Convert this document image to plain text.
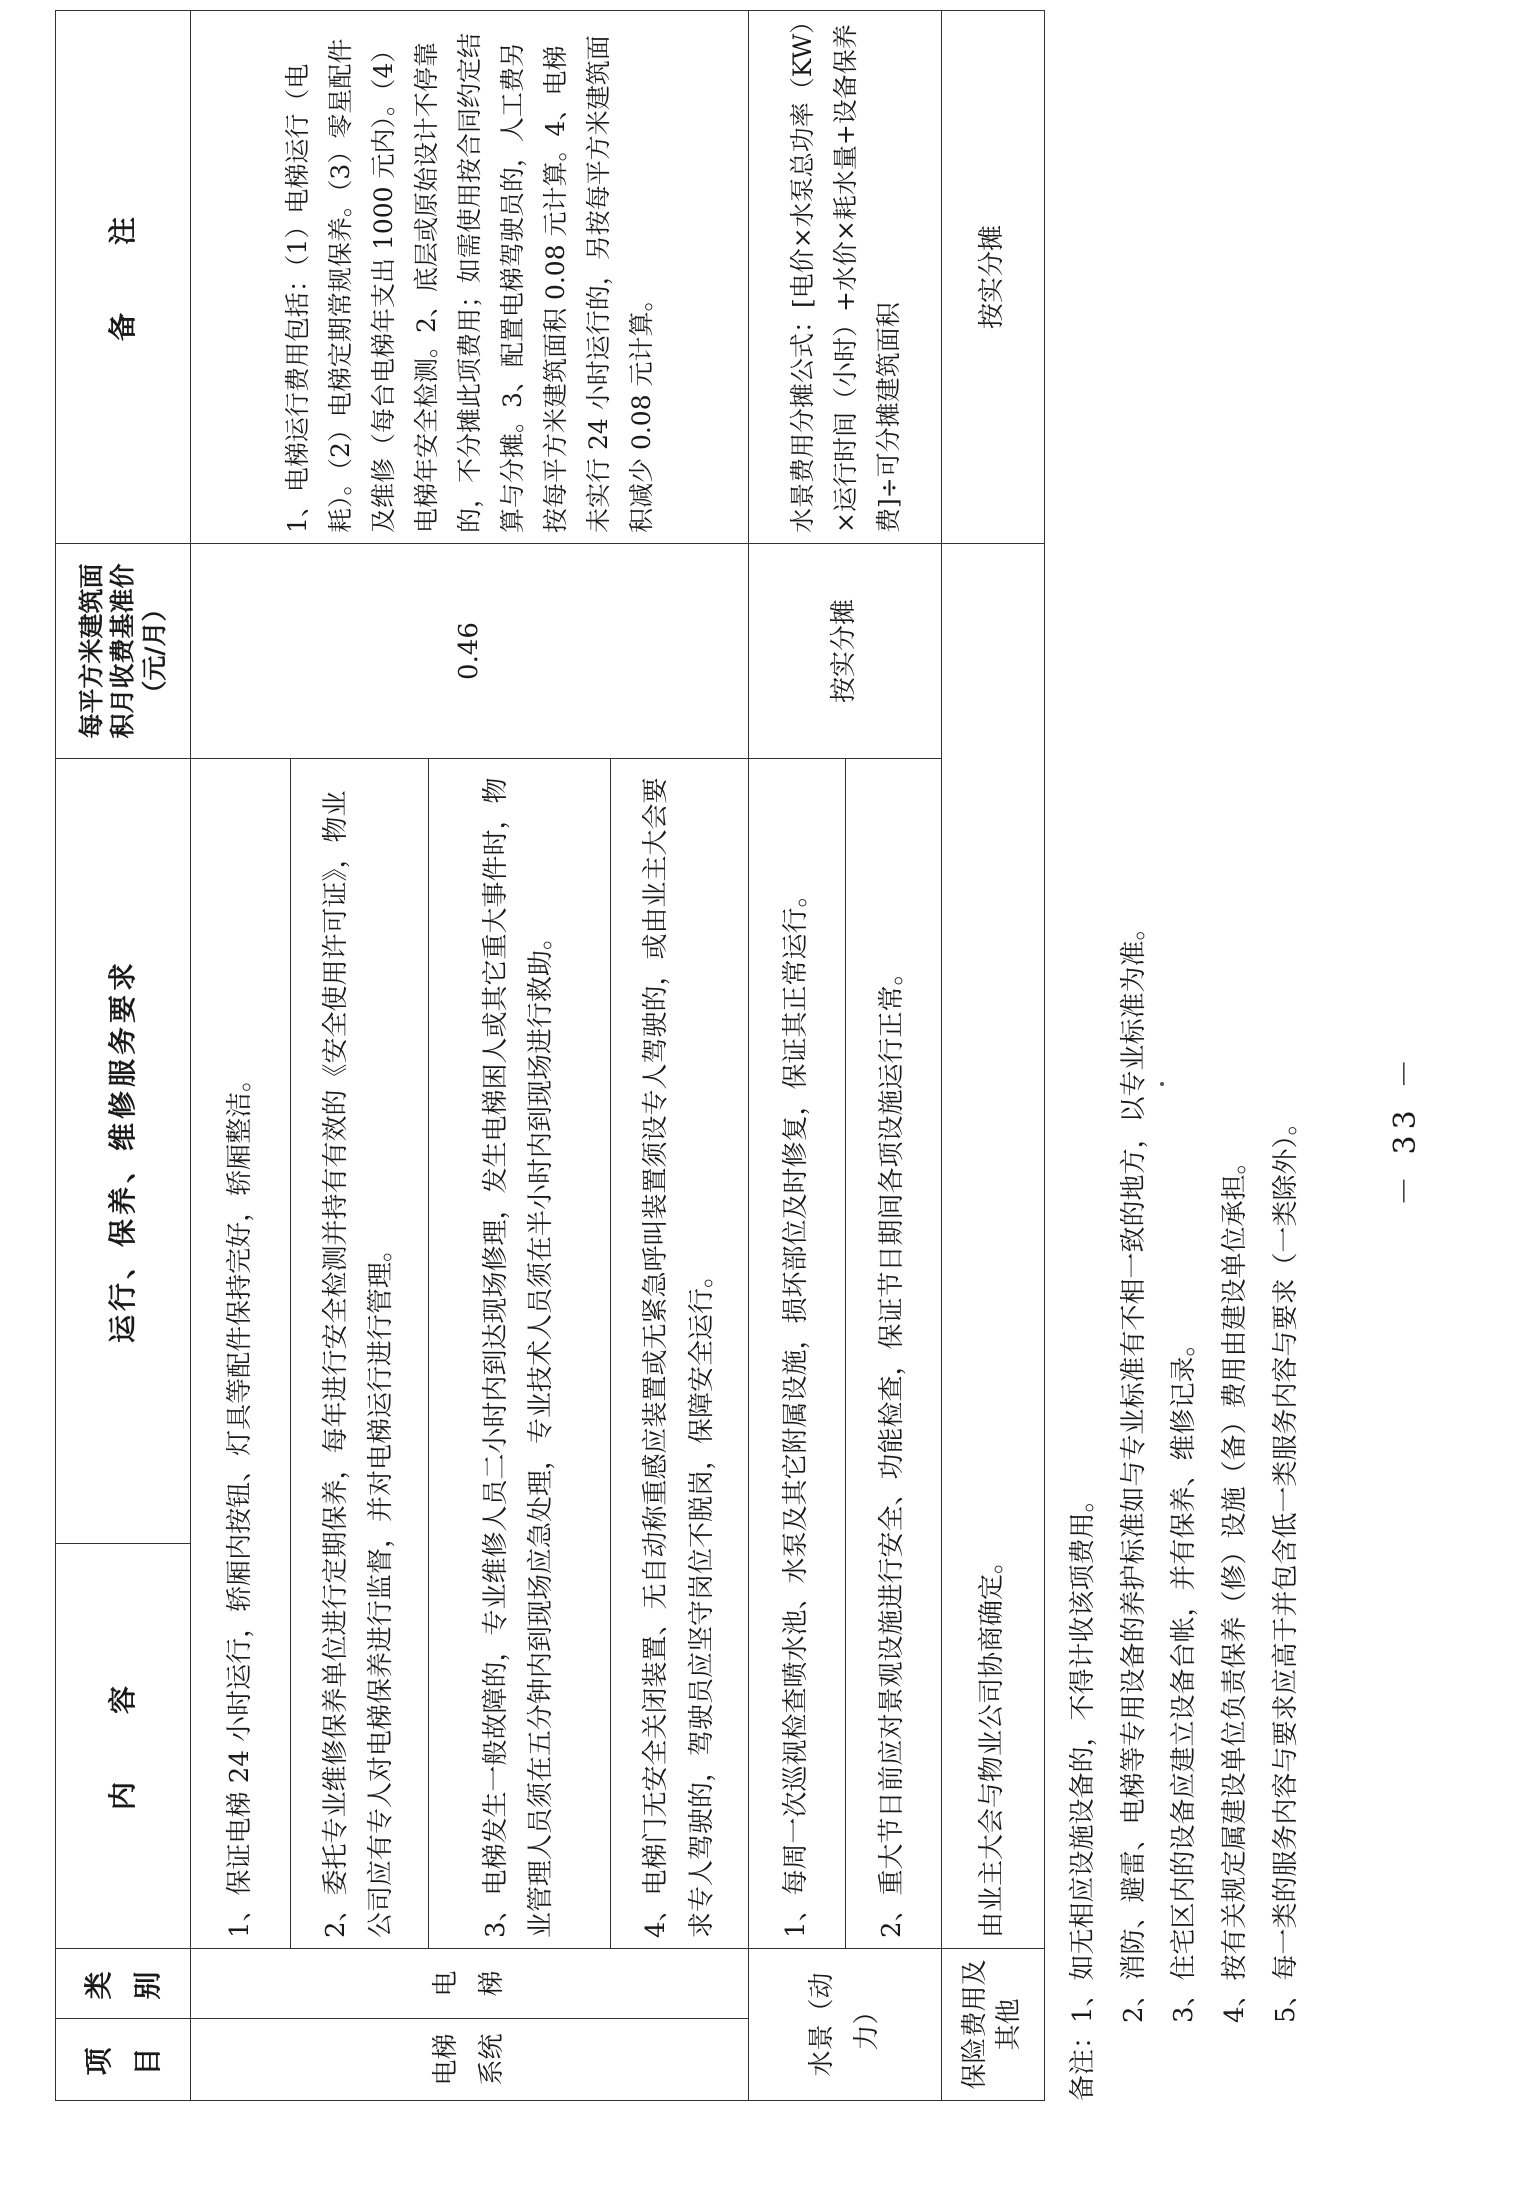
项目	类别	内　　容	运行、保养、维修服务要求	每平方米建筑面积月收费基准价（元/月）	备　　注
电梯系统	电梯	1、保证电梯 24 小时运行，轿厢内按钮、灯具等配件保持完好，轿厢整洁。		0.46	1、电梯运行费用包括：（1）电梯运行（电耗）。（2）电梯定期常规保养。（3）零星配件及维修（每台电梯年支出 1000 元内）。（4）电梯年安全检测。2、底层或原始设计不停靠的，不分摊此项费用；如需使用按合同约定结算与分摊。3、配置电梯驾驶员的，人工费另按每平方米建筑面积 0.08 元计算。4、电梯未实行 24 小时运行的，另按每平方米建筑面积减少 0.08 元计算。
		2、委托专业维修保养单位进行定期保养，每年进行安全检测并持有有效的《安全使用许可证》，物业公司应有专人对电梯保养进行监督，并对电梯运行进行管理。			
		3、电梯发生一般故障的，专业维修人员二小时内到达现场修理，发生电梯困人或其它重大事件时，物业管理人员须在五分钟内到现场应急处理，专业技术人员须在半小时内到现场进行救助。			
		4、电梯门无安全关闭装置、无自动称重感应装置或无紧急呼叫装置须设专人驾驶的，或由业主大会要求专人驾驶的，驾驶员应坚守岗位不脱岗，保障安全运行。			
水景（动力）		1、每周一次巡视检查喷水池、水泵及其它附属设施，损坏部位及时修复，保证其正常运行。		按实分摊	水景费用分摊公式：[电价×水泵总功率（KW）×运行时间（小时）+水价×耗水量+设备保养费]÷可分摊建筑面积
		2、重大节日前应对景观设施进行安全、功能检查，保证节日期间各项设施运行正常。			
保险费用及其他		由业主大会与物业公司协商确定。			按实分摊
备注：1、如无相应设施设备的，不得计收该项费用。 2、消防、避雷、电梯等专用设备的养护标准如与专业标准有不相一致的地方，以专业标准为准。 3、住宅区内的设备应建立设备台帐，并有保养、维修记录。 4、按有关规定属建设单位负责保养（修）设施（备）费用由建设单位承担。 5、每一类的服务内容与要求应高于并包含低一类服务内容与要求（一类除外）。	－ 33 －
